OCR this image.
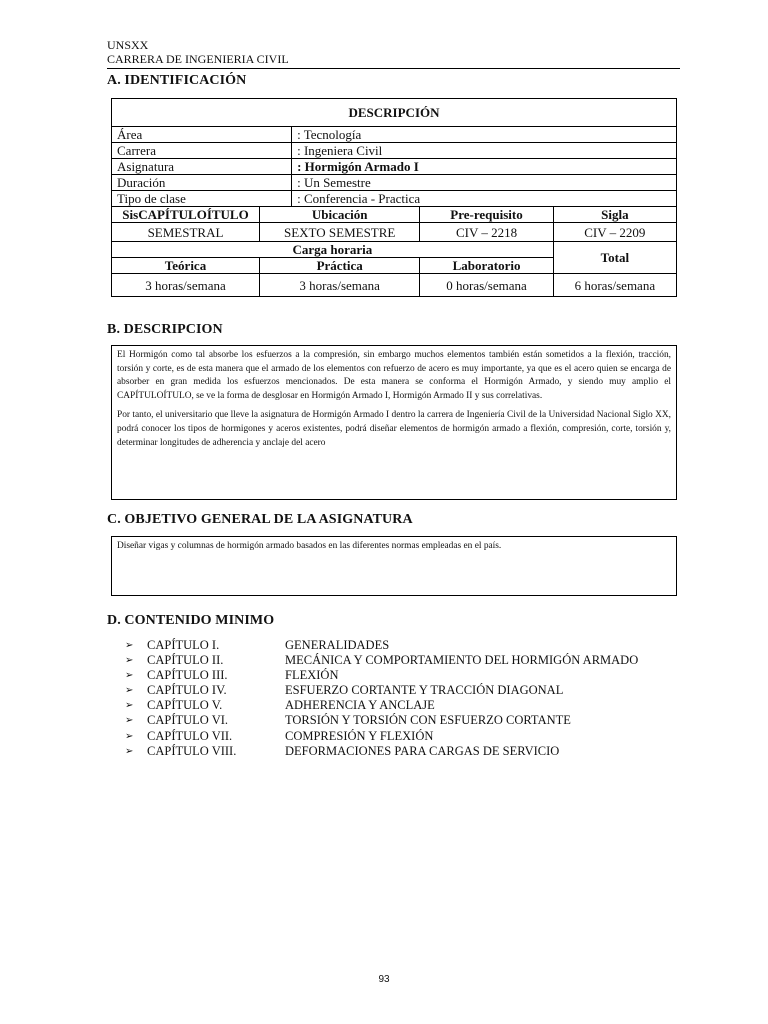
UNSXX
CARRERA DE INGENIERIA CIVIL
A. IDENTIFICACIÓN
DESCRIPCIÓN				
Área		: Tecnología		
Carrera		: Ingeniera Civil		
Asignatura		: Hormigón Armado I		
Duración		: Un Semestre		
Tipo de clase		: Conferencia - Practica		
SisCAPÍTULOÍTULO	Ubicación		Pre-requisito	Sigla
SEMESTRAL	SEXTO SEMESTRE		CIV – 2218	CIV – 2209
Carga horaria				Total
Teórica	Práctica		Laboratorio	
3 horas/semana	3 horas/semana		0 horas/semana	6 horas/semana
B. DESCRIPCION

El Hormigón como tal absorbe los esfuerzos a la compresión, sin embargo muchos elementos también están sometidos a la flexión, tracción, torsión y corte, es de esta manera que el armado de los elementos con refuerzo de acero es muy importante, ya que es el acero quien se encarga de absorber en gran medida los esfuerzos mencionados. De esta manera se conforma el Hormigón Armado, y siendo muy amplio el CAPÍTULOÍTULO, se ve la forma de desglosar en Hormigón Armado I, Hormigón Armado II y sus correlativas.

Por tanto, el universitario que lleve la asignatura de Hormigón Armado I dentro la carrera de Ingeniería Civil de la Universidad Nacional Siglo XX, podrá conocer los tipos de hormigones y aceros existentes, podrá diseñar elementos de hormigón armado a flexión, compresión, corte, torsión y, determinar longitudes de adherencia y anclaje del acero

C. OBJETIVO GENERAL DE LA ASIGNATURA

Diseñar vigas y columnas de hormigón armado basados en las diferentes normas empleadas en el país.

D. CONTENIDO MINIMO
➢	CAPÍTULO I.	GENERALIDADES
➢	CAPÍTULO II.	MECÁNICA Y COMPORTAMIENTO DEL HORMIGÓN ARMADO
➢	CAPÍTULO III.	FLEXIÓN
➢	CAPÍTULO IV.	ESFUERZO CORTANTE Y TRACCIÓN DIAGONAL
➢	CAPÍTULO V.	ADHERENCIA Y ANCLAJE
➢	CAPÍTULO VI.	TORSIÓN Y TORSIÓN CON ESFUERZO CORTANTE
➢	CAPÍTULO VII.	COMPRESIÓN Y FLEXIÓN
➢	CAPÍTULO VIII.	DEFORMACIONES PARA CARGAS DE SERVICIO
93
